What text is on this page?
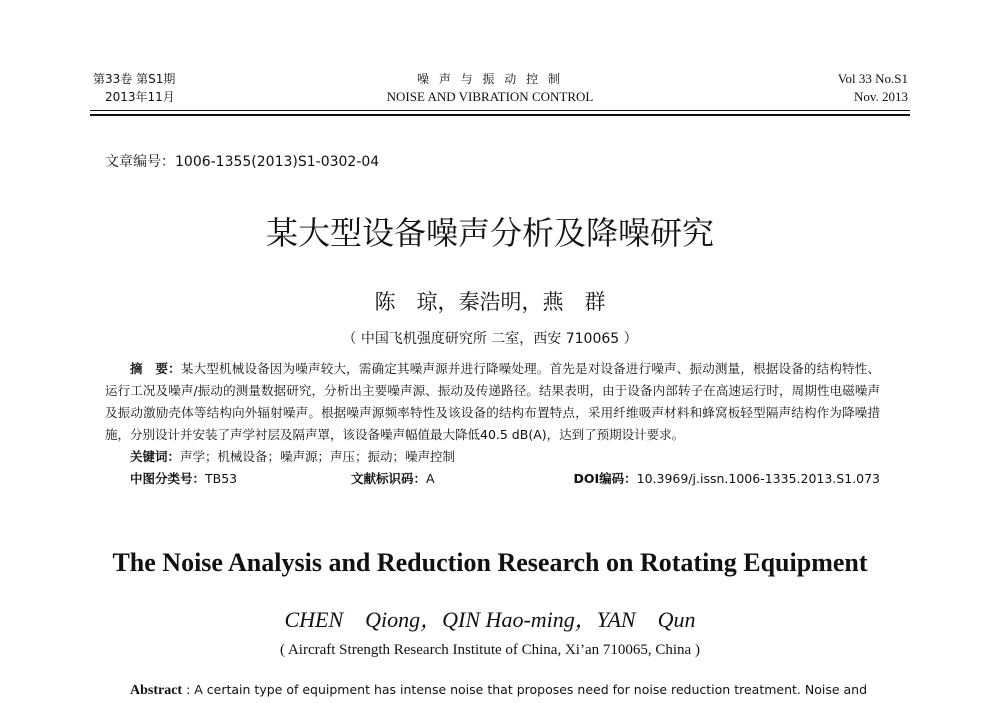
第33卷 第S1期
2013年11月
噪 声 与 振 动 控 制
NOISE AND VIBRATION CONTROL
Vol 33 No.S1
Nov. 2013
文章编号：1006-1355(2013)S1-0302-04
某大型设备噪声分析及降噪研究
陈　琼，秦浩明，燕　群
（ 中国飞机强度研究所 二室，西安 710065 ）

摘　要：某大型机械设备因为噪声较大，需确定其噪声源并进行降噪处理。首先是对设备进行噪声、振动测量，根据设备的结构特性、运行工况及噪声/振动的测量数据研究，分析出主要噪声源、振动及传递路径。结果表明，由于设备内部转子在高速运行时，周期性电磁噪声及振动激励壳体等结构向外辐射噪声。根据噪声源频率特性及该设备的结构布置特点，采用纤维吸声材料和蜂窝板轻型隔声结构作为降噪措施，分别设计并安装了声学衬层及隔声罩，该设备噪声幅值最大降低40.5 dB(A)，达到了预期设计要求。

关键词：声学；机械设备；噪声源；声压；振动；噪声控制

中图分类号：TB53	文献标识码：A	DOI编码：10.3969/j.issn.1006-1335.2013.S1.073

The Noise Analysis and Reduction Research on Rotating Equipment
CHEN　Qiong，QIN Hao-ming，YAN　Qun
( Aircraft Strength Research Institute of China, Xi’an 710065, China )
Abstract : A certain type of equipment has intense noise that proposes need for noise reduction treatment. Noise and
